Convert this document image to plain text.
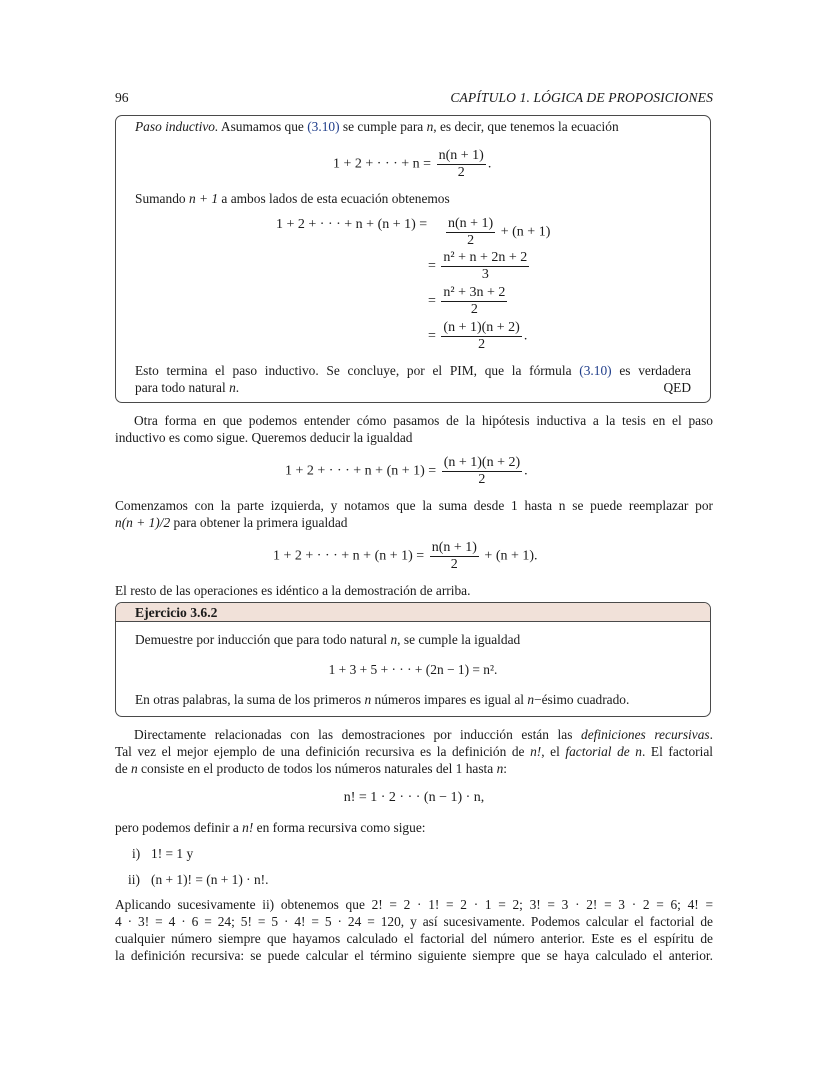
96	CAPÍTULO 1. LÓGICA DE PROPOSICIONES
Paso inductivo. Asumamos que (3.10) se cumple para n, es decir, que tenemos la ecuación
1 + 2 + · · · + $n = \frac{n(n + 1)}{2}$ .
Sumando n + 1 a ambos lados de esta ecuación obtenemos
1 + 2 + · · · + $n + (n + 1) = \frac{n(n + 1)}{2} + (n + 1)$
= $\frac{\text{n² + n + 2n + 2}}{3}$
= $\frac{\text{n² + 3n + 2}}{2}$
= $\frac{(n + 1)(n + 2)}{2}$ .
Esto termina el paso inductivo. Se concluye, por el PIM, que la fórmula (3.10) es verdadera
para todo natural n.	QED
Otra forma en que podemos entender cómo pasamos de la hipótesis inductiva a la tesis en el paso
inductivo es como sigue. Queremos deducir la igualdad
1 + 2 + · · · + $n + (n + 1) = \frac{(n + 1)(n + 2)}{2}$ .
Comenzamos con la parte izquierda, y notamos que la suma desde 1 hasta n se puede reemplazar por
n(n + 1)/2 para obtener la primera igualdad
1 + 2 + · · · + $n + (n + 1) = \frac{n(n + 1)}{2} + (n + 1)$.
El resto de las operaciones es idéntico a la demostración de arriba.
Ejercicio 3.6.2
Demuestre por inducción que para todo natural n, se cumple la igualdad
1 + 3 + 5 + · · · + (2n − 1) = n².
En otras palabras, la suma de los primeros n números impares es igual al n−ésimo cuadrado.
Directamente relacionadas con las demostraciones por inducción están las definiciones recursivas.
Tal vez el mejor ejemplo de una definición recursiva es la definición de n!, el factorial de n. El factorial
de n consiste en el producto de todos los números naturales del 1 hasta n:
n! = 1 · 2 · · · (n − 1) · n,
pero podemos definir a n! en forma recursiva como sigue:
i) 1! = 1 y
ii) (n + 1)! = (n + 1) · n!.
Aplicando sucesivamente ii) obtenemos que 2! = 2 · 1! = 2 · 1 = 2; 3! = 3 · 2! = 3 · 2 = 6; 4! =
4 · 3! = 4 · 6 = 24; 5! = 5 · 4! = 5 · 24 = 120, y así sucesivamente. Podemos calcular el factorial de
cualquier número siempre que hayamos calculado el factorial del número anterior. Este es el espíritu de
la definición recursiva: se puede calcular el término siguiente siempre que se haya calculado el anterior.
